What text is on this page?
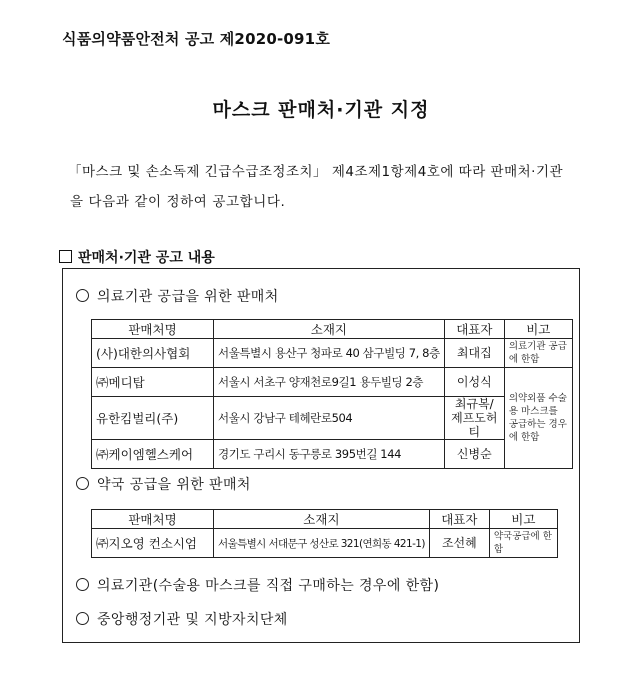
식품의약품안전처 공고 제2020-091호
마스크 판매처·기관 지정
「마스크 및 손소독제 긴급수급조정조치」 제4조제1항제4호에 따라 판매처·기관
을 다음과 같이 정하여 공고합니다.
판매처·기관 공고 내용
의료기관 공급을 위한 판매처
판매처명	소재지	대표자	비고
(사)대한의사협회	서울특별시 용산구 청파로 40 삼구빌딩 7, 8층	최대집	의료기관 공급에 한함
㈜메디탑	서울시 서초구 양재천로9길1 용두빌딩 2층	이성식	의약외품 수술용 마스크를 공급하는 경우에 한함
유한킴벌리(주)	서울시 강남구 테헤란로504	최규복/ 제프도허티	
㈜케이엠헬스케어	경기도 구리시 동구릉로 395번길 144	신병순	
약국 공급을 위한 판매처
판매처명	소재지	대표자	비고
㈜지오영 컨소시엄	서울특별시 서대문구 성산로 321(연희동 421-1)	조선혜	약국공급에 한함
의료기관(수술용 마스크를 직접 구매하는 경우에 한함)
중앙행정기관 및 지방자치단체
